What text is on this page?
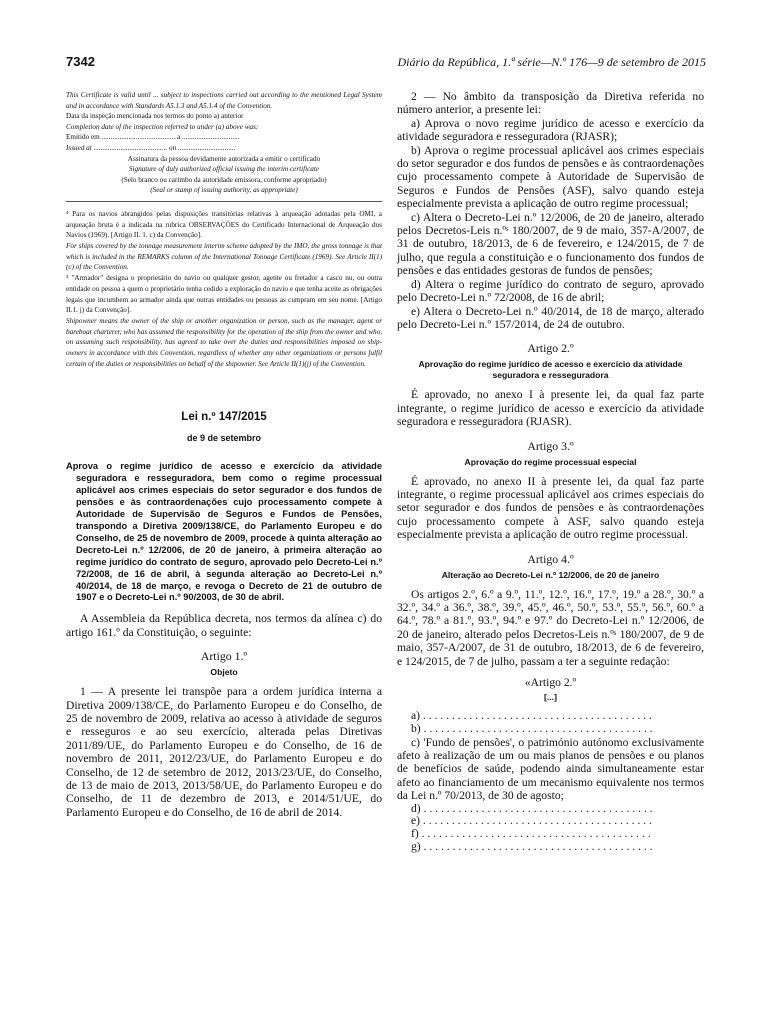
7342	Diário da República, 1.ª série—N.º 176—9 de setembro de 2015

This Certificate is valid until ... subject to inspections carried out according to the mentioned Legal System and in accordance with Standards A5.1.3 and A5.1.4 of the Convention.

Data da inspeção mencionada nos termos do ponto a) anterior

Completion date of the inspection referred to under (a) above was:

Emitido em ......................................... a ................................

Issued at ......................................... on ................................

Assinatura da pessoa devidamente autorizada a emitir o certificado

Signature of duly authorized official issuing the interim certificate

(Selo branco ou carimbo da autoridade emissora, conforme apropriado)

(Seal or stamp of issuing authority, as appropriate)

⁴ Para os navios abrangidos pelas disposições transitórias relativas à arqueação adotadas pela OMI, a arqueação bruta é a indicada na rubrica OBSERVAÇÕES do Certificado Internacional de Arqueação dos Navios (1969). [Artigo II. 1. c) da Convenção].

For ships covered by the tonnage measurement interim scheme adopted by the IMO, the gross tonnage is that which is included in the REMARKS column of the International Tonnage Certificate (1969). See Article II(1)(c) of the Convention.

⁵ "Armador" designa o proprietário do navio ou qualquer gestor, agente ou fretador a casco nu, ou outra entidade ou pessoa a quem o proprietário tenha cedido a exploração do navio e que tenha aceite as obrigações legais que incumbem ao armador ainda que outras entidades ou pessoas as cumpram em seu nome. [Artigo II.1. j) da Convenção].

Shipowner means the owner of the ship or another organization or person, such as the manager, agent or bareboat charterer, who has assumed the responsibility for the operation of the ship from the owner and who, on assuming such responsibility, has agreed to take over the duties and responsibilities imposed on ship-owners in accordance with this Convention, regardless of whether any other organizations or persons fulfil certain of the duties or responsibilities on behalf of the shipowner. See Article II(1)(j) of the Convention.

Lei n.º 147/2015

de 9 de setembro

Aprova o regime jurídico de acesso e exercício da atividade seguradora e resseguradora, bem como o regime processual aplicável aos crimes especiais do setor segurador e dos fundos de pensões e às contraordenações cujo processamento compete à Autoridade de Supervisão de Seguros e Fundos de Pensões, transpondo a Diretiva 2009/138/CE, do Parlamento Europeu e do Conselho, de 25 de novembro de 2009, procede à quinta alteração ao Decreto-Lei n.º 12/2006, de 20 de janeiro, à primeira alteração ao regime jurídico do contrato de seguro, aprovado pelo Decreto-Lei n.º 72/2008, de 16 de abril, à segunda alteração ao Decreto-Lei n.º 40/2014, de 18 de março, e revoga o Decreto de 21 de outubro de 1907 e o Decreto-Lei n.º 90/2003, de 30 de abril.

A Assembleia da República decreta, nos termos da alínea c) do artigo 161.º da Constituição, o seguinte:

Artigo 1.º

Objeto

1 — A presente lei transpõe para a ordem jurídica interna a Diretiva 2009/138/CE, do Parlamento Europeu e do Conselho, de 25 de novembro de 2009, relativa ao acesso à atividade de seguros e resseguros e ao seu exercício, alterada pelas Diretivas 2011/89/UE, do Parlamento Europeu e do Conselho, de 16 de novembro de 2011, 2012/23/UE, do Parlamento Europeu e do Conselho, de 12 de setembro de 2012, 2013/23/UE, do Conselho, de 13 de maio de 2013, 2013/58/UE, do Parlamento Europeu e do Conselho, de 11 de dezembro de 2013, e 2014/51/UE, do Parlamento Europeu e do Conselho, de 16 de abril de 2014.

2 — No âmbito da transposição da Diretiva referida no número anterior, a presente lei:

a) Aprova o novo regime jurídico de acesso e exercício da atividade seguradora e resseguradora (RJASR);

b) Aprova o regime processual aplicável aos crimes especiais do setor segurador e dos fundos de pensões e às contraordenações cujo processamento compete à Autoridade de Supervisão de Seguros e Fundos de Pensões (ASF), salvo quando esteja especialmente prevista a aplicação de outro regime processual;

c) Altera o Decreto-Lei n.º 12/2006, de 20 de janeiro, alterado pelos Decretos-Leis n.ºˢ 180/2007, de 9 de maio, 357-A/2007, de 31 de outubro, 18/2013, de 6 de fevereiro, e 124/2015, de 7 de julho, que regula a constituição e o funcionamento dos fundos de pensões e das entidades gestoras de fundos de pensões;

d) Altera o regime jurídico do contrato de seguro, aprovado pelo Decreto-Lei n.º 72/2008, de 16 de abril;

e) Altera o Decreto-Lei n.º 40/2014, de 18 de março, alterado pelo Decreto-Lei n.º 157/2014, de 24 de outubro.

Artigo 2.º

Aprovação do regime jurídico de acesso e exercício da atividade seguradora e resseguradora

É aprovado, no anexo I à presente lei, da qual faz parte integrante, o regime jurídico de acesso e exercício da atividade seguradora e resseguradora (RJASR).

Artigo 3.º

Aprovação do regime processual especial

É aprovado, no anexo II à presente lei, da qual faz parte integrante, o regime processual aplicável aos crimes especiais do setor segurador e dos fundos de pensões e às contraordenações cujo processamento compete à ASF, salvo quando esteja especialmente prevista a aplicação de outro regime processual.

Artigo 4.º

Alteração ao Decreto-Lei n.º 12/2006, de 20 de janeiro

Os artigos 2.º, 6.º a 9.º, 11.º, 12.º, 16.º, 17.º, 19.º a 28.º, 30.º a 32.º, 34.º a 36.º, 38.º, 39.º, 45.º, 46.º, 50.º, 53.º, 55.º, 56.º, 60.º a 64.º, 78.º a 81.º, 93.º, 94.º e 97.º do Decreto-Lei n.º 12/2006, de 20 de janeiro, alterado pelos Decretos-Leis n.ºˢ 180/2007, de 9 de maio, 357-A/2007, de 31 de outubro, 18/2013, de 6 de fevereiro, e 124/2015, de 7 de julho, passam a ter a seguinte redação:

«Artigo 2.º

[...]

a) . . . . . . . . . . . . . . . . . . . . . . . . . . . . . . . . . . . . . . . .

b) . . . . . . . . . . . . . . . . . . . . . . . . . . . . . . . . . . . . . . . .

c) 'Fundo de pensões', o património autónomo exclusivamente afeto à realização de um ou mais planos de pensões e ou planos de benefícios de saúde, podendo ainda simultaneamente estar afeto ao financiamento de um mecanismo equivalente nos termos da Lei n.º 70/2013, de 30 de agosto;

d) . . . . . . . . . . . . . . . . . . . . . . . . . . . . . . . . . . . . . . . .

e) . . . . . . . . . . . . . . . . . . . . . . . . . . . . . . . . . . . . . . . .

f) . . . . . . . . . . . . . . . . . . . . . . . . . . . . . . . . . . . . . . . .

g) . . . . . . . . . . . . . . . . . . . . . . . . . . . . . . . . . . . . . . . .
